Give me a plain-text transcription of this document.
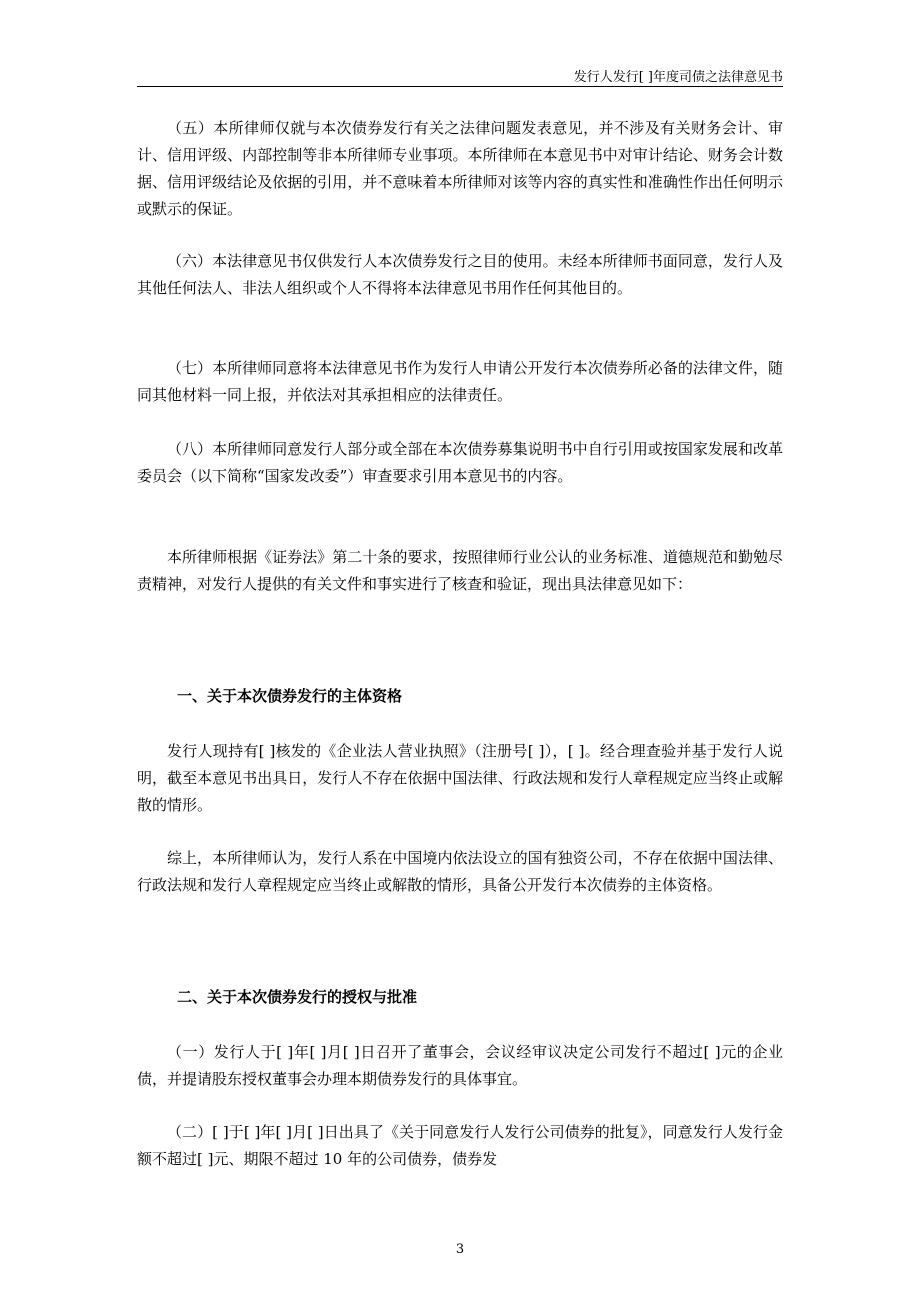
发行人发行[ ]年度司债之法律意见书

（五）本所律师仅就与本次债券发行有关之法律问题发表意见，并不涉及有关财务会计、审计、信用评级、内部控制等非本所律师专业事项。本所律师在本意见书中对审计结论、财务会计数据、信用评级结论及依据的引用，并不意味着本所律师对该等内容的真实性和准确性作出任何明示或默示的保证。

（六）本法律意见书仅供发行人本次债券发行之目的使用。未经本所律师书面同意，发行人及其他任何法人、非法人组织或个人不得将本法律意见书用作任何其他目的。

（七）本所律师同意将本法律意见书作为发行人申请公开发行本次债券所必备的法律文件，随同其他材料一同上报，并依法对其承担相应的法律责任。

（八）本所律师同意发行人部分或全部在本次债券募集说明书中自行引用或按国家发展和改革委员会（以下简称“国家发改委”）审查要求引用本意见书的内容。

本所律师根据《证券法》第二十条的要求，按照律师行业公认的业务标准、道德规范和勤勉尽责精神，对发行人提供的有关文件和事实进行了核查和验证，现出具法律意见如下：

一、关于本次债券发行的主体资格

发行人现持有[ ]核发的《企业法人营业执照》（注册号[ ]），[ ]。经合理查验并基于发行人说明，截至本意见书出具日，发行人不存在依据中国法律、行政法规和发行人章程规定应当终止或解散的情形。

综上，本所律师认为，发行人系在中国境内依法设立的国有独资公司，不存在依据中国法律、行政法规和发行人章程规定应当终止或解散的情形，具备公开发行本次债券的主体资格。

二、关于本次债券发行的授权与批准

（一）发行人于[ ]年[ ]月[ ]日召开了董事会，会议经审议决定公司发行不超过[ ]元的企业债，并提请股东授权董事会办理本期债券发行的具体事宜。

（二）[ ]于[ ]年[ ]月[ ]日出具了《关于同意发行人发行公司债券的批复》，同意发行人发行金额不超过[ ]元、期限不超过 10 年的公司债券，债券发

3
